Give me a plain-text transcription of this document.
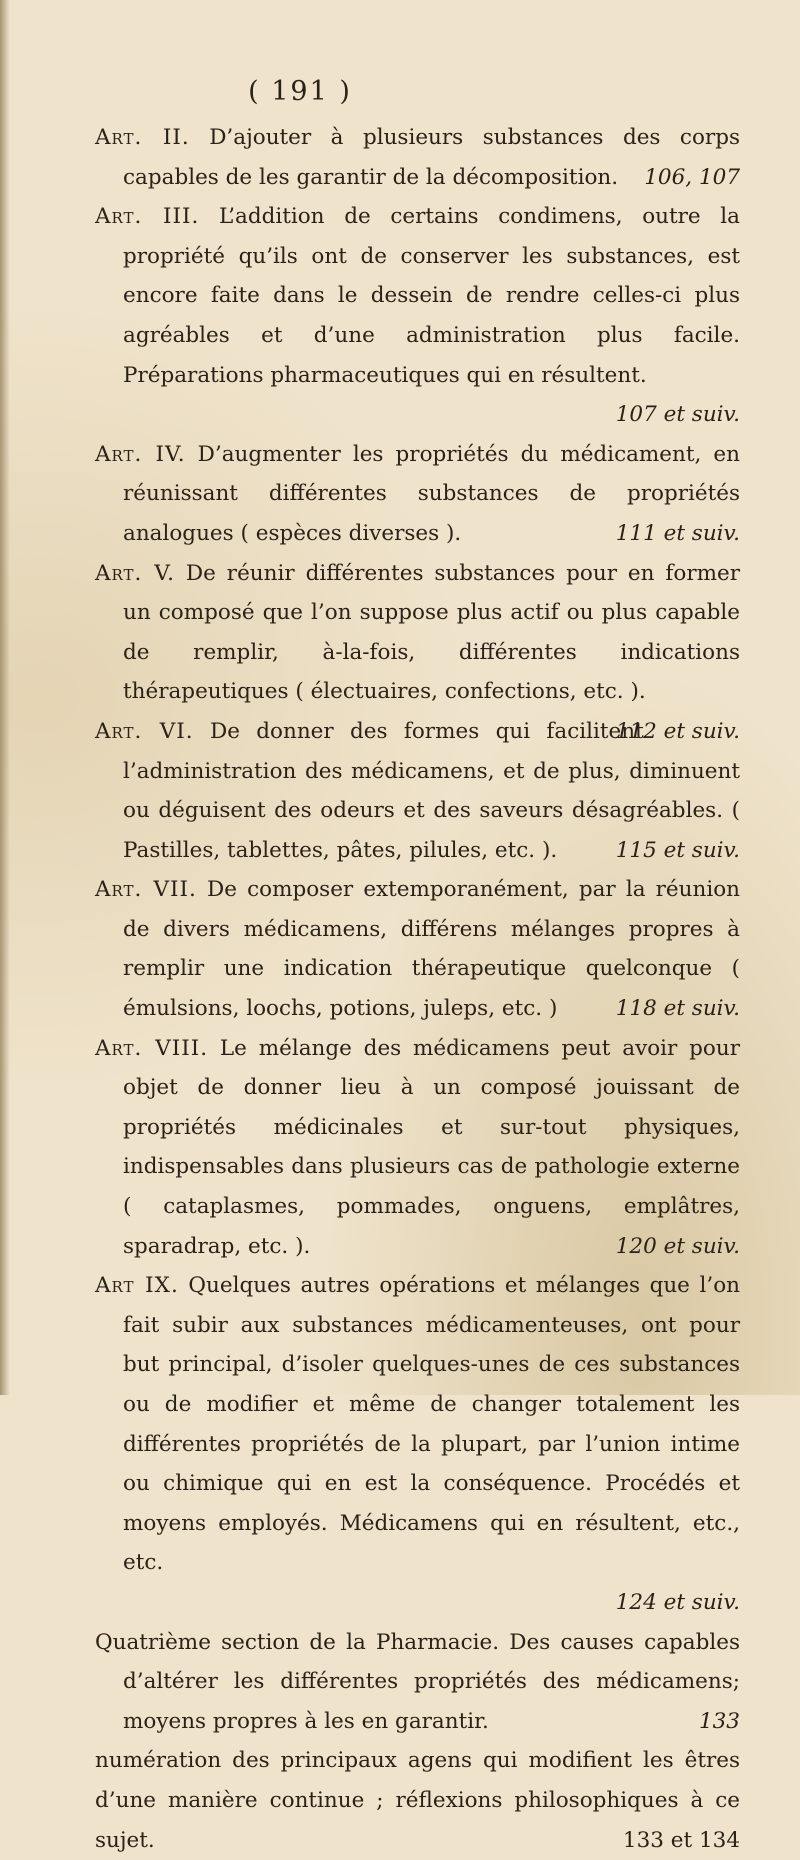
( 191 )
Art. II. D’ajouter à plusieurs substances des corps capables de les garantir de la décomposition. 106, 107
Art. III. L’addition de certains condimens, outre la propriété qu’ils ont de conserver les substances, est encore faite dans le dessein de rendre celles-ci plus agréables et d’une administration plus facile. Préparations pharmaceutiques qui en résultent.
107 et suiv.
Art. IV. D’augmenter les propriétés du médicament, en réunissant différentes substances de propriétés analogues ( espèces diverses ).	111 et suiv.
Art. V. De réunir différentes substances pour en former un composé que l’on suppose plus actif ou plus capable de remplir, à-la-fois, différentes indications thérapeutiques ( électuaires, confections, etc. ).
112 et suiv.
Art. VI. De donner des formes qui facilitent l’administration des médicamens, et de plus, diminuent ou déguisent des odeurs et des saveurs désagréables. ( Pastilles, tablettes, pâtes, pilules, etc. ).	115 et suiv.
Art. VII. De composer extemporanément, par la réunion de divers médicamens, différens mélanges propres à remplir une indication thérapeutique quelconque ( émulsions, loochs, potions, juleps, etc. )	118 et suiv.
Art. VIII. Le mélange des médicamens peut avoir pour objet de donner lieu à un composé jouissant de propriétés médicinales et sur-tout physiques, indispensables dans plusieurs cas de pathologie externe ( cataplasmes, pommades, onguens, emplâtres, sparadrap, etc. ).	120 et suiv.
Art IX. Quelques autres opérations et mélanges que l’on fait subir aux substances médicamenteuses, ont pour but principal, d’isoler quelques-unes de ces substances ou de modifier et même de changer totalement les différentes propriétés de la plupart, par l’union intime ou chimique qui en est la conséquence. Procédés et moyens employés. Médicamens qui en résultent, etc., etc.
124 et suiv.
Quatrième section de la Pharmacie. Des causes capables d’altérer les différentes propriétés des médicamens; moyens propres à les en garantir.	133
numération des principaux agens qui modifient les êtres d’une manière continue ; réflexions philosophiques à ce sujet.	133 et 134
